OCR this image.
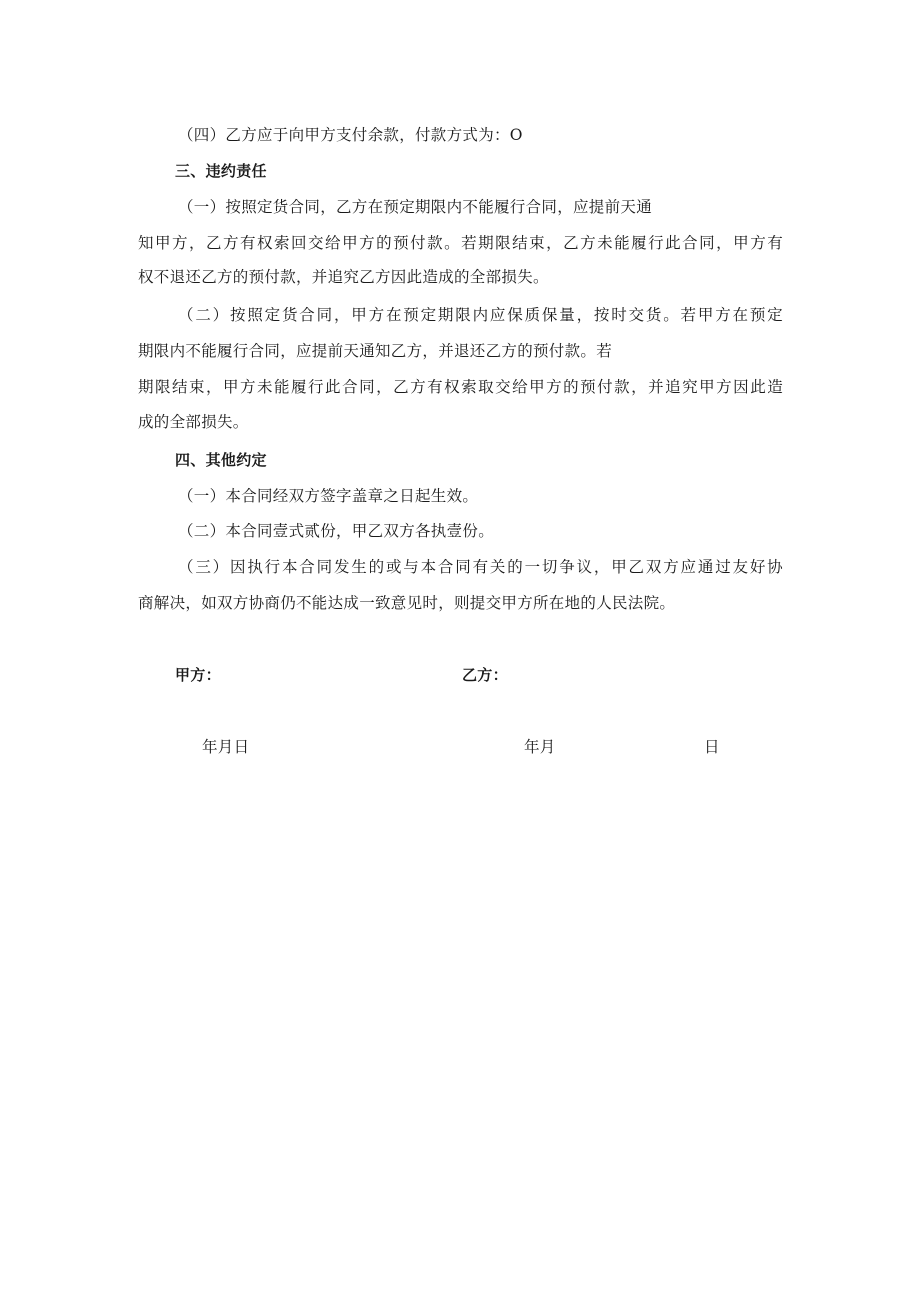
（四）乙方应于向甲方支付余款，付款方式为：O
三、违约责任
（一）按照定货合同，乙方在预定期限内不能履行合同，应提前天通
知甲方，乙方有权索回交给甲方的预付款。若期限结束，乙方未能履行此合同，甲方有
权不退还乙方的预付款，并追究乙方因此造成的全部损失。
（二）按照定货合同，甲方在预定期限内应保质保量，按时交货。若甲方在预定
期限内不能履行合同，应提前天通知乙方，并退还乙方的预付款。若
期限结束，甲方未能履行此合同，乙方有权索取交给甲方的预付款，并追究甲方因此造
成的全部损失。
四、其他约定
（一）本合同经双方签字盖章之日起生效。
（二）本合同壹式贰份，甲乙双方各执壹份。
（三）因执行本合同发生的或与本合同有关的一切争议，甲乙双方应通过友好协
商解决，如双方协商仍不能达成一致意见时，则提交甲方所在地的人民法院。
甲方：	乙方：
年月日	年月	日
